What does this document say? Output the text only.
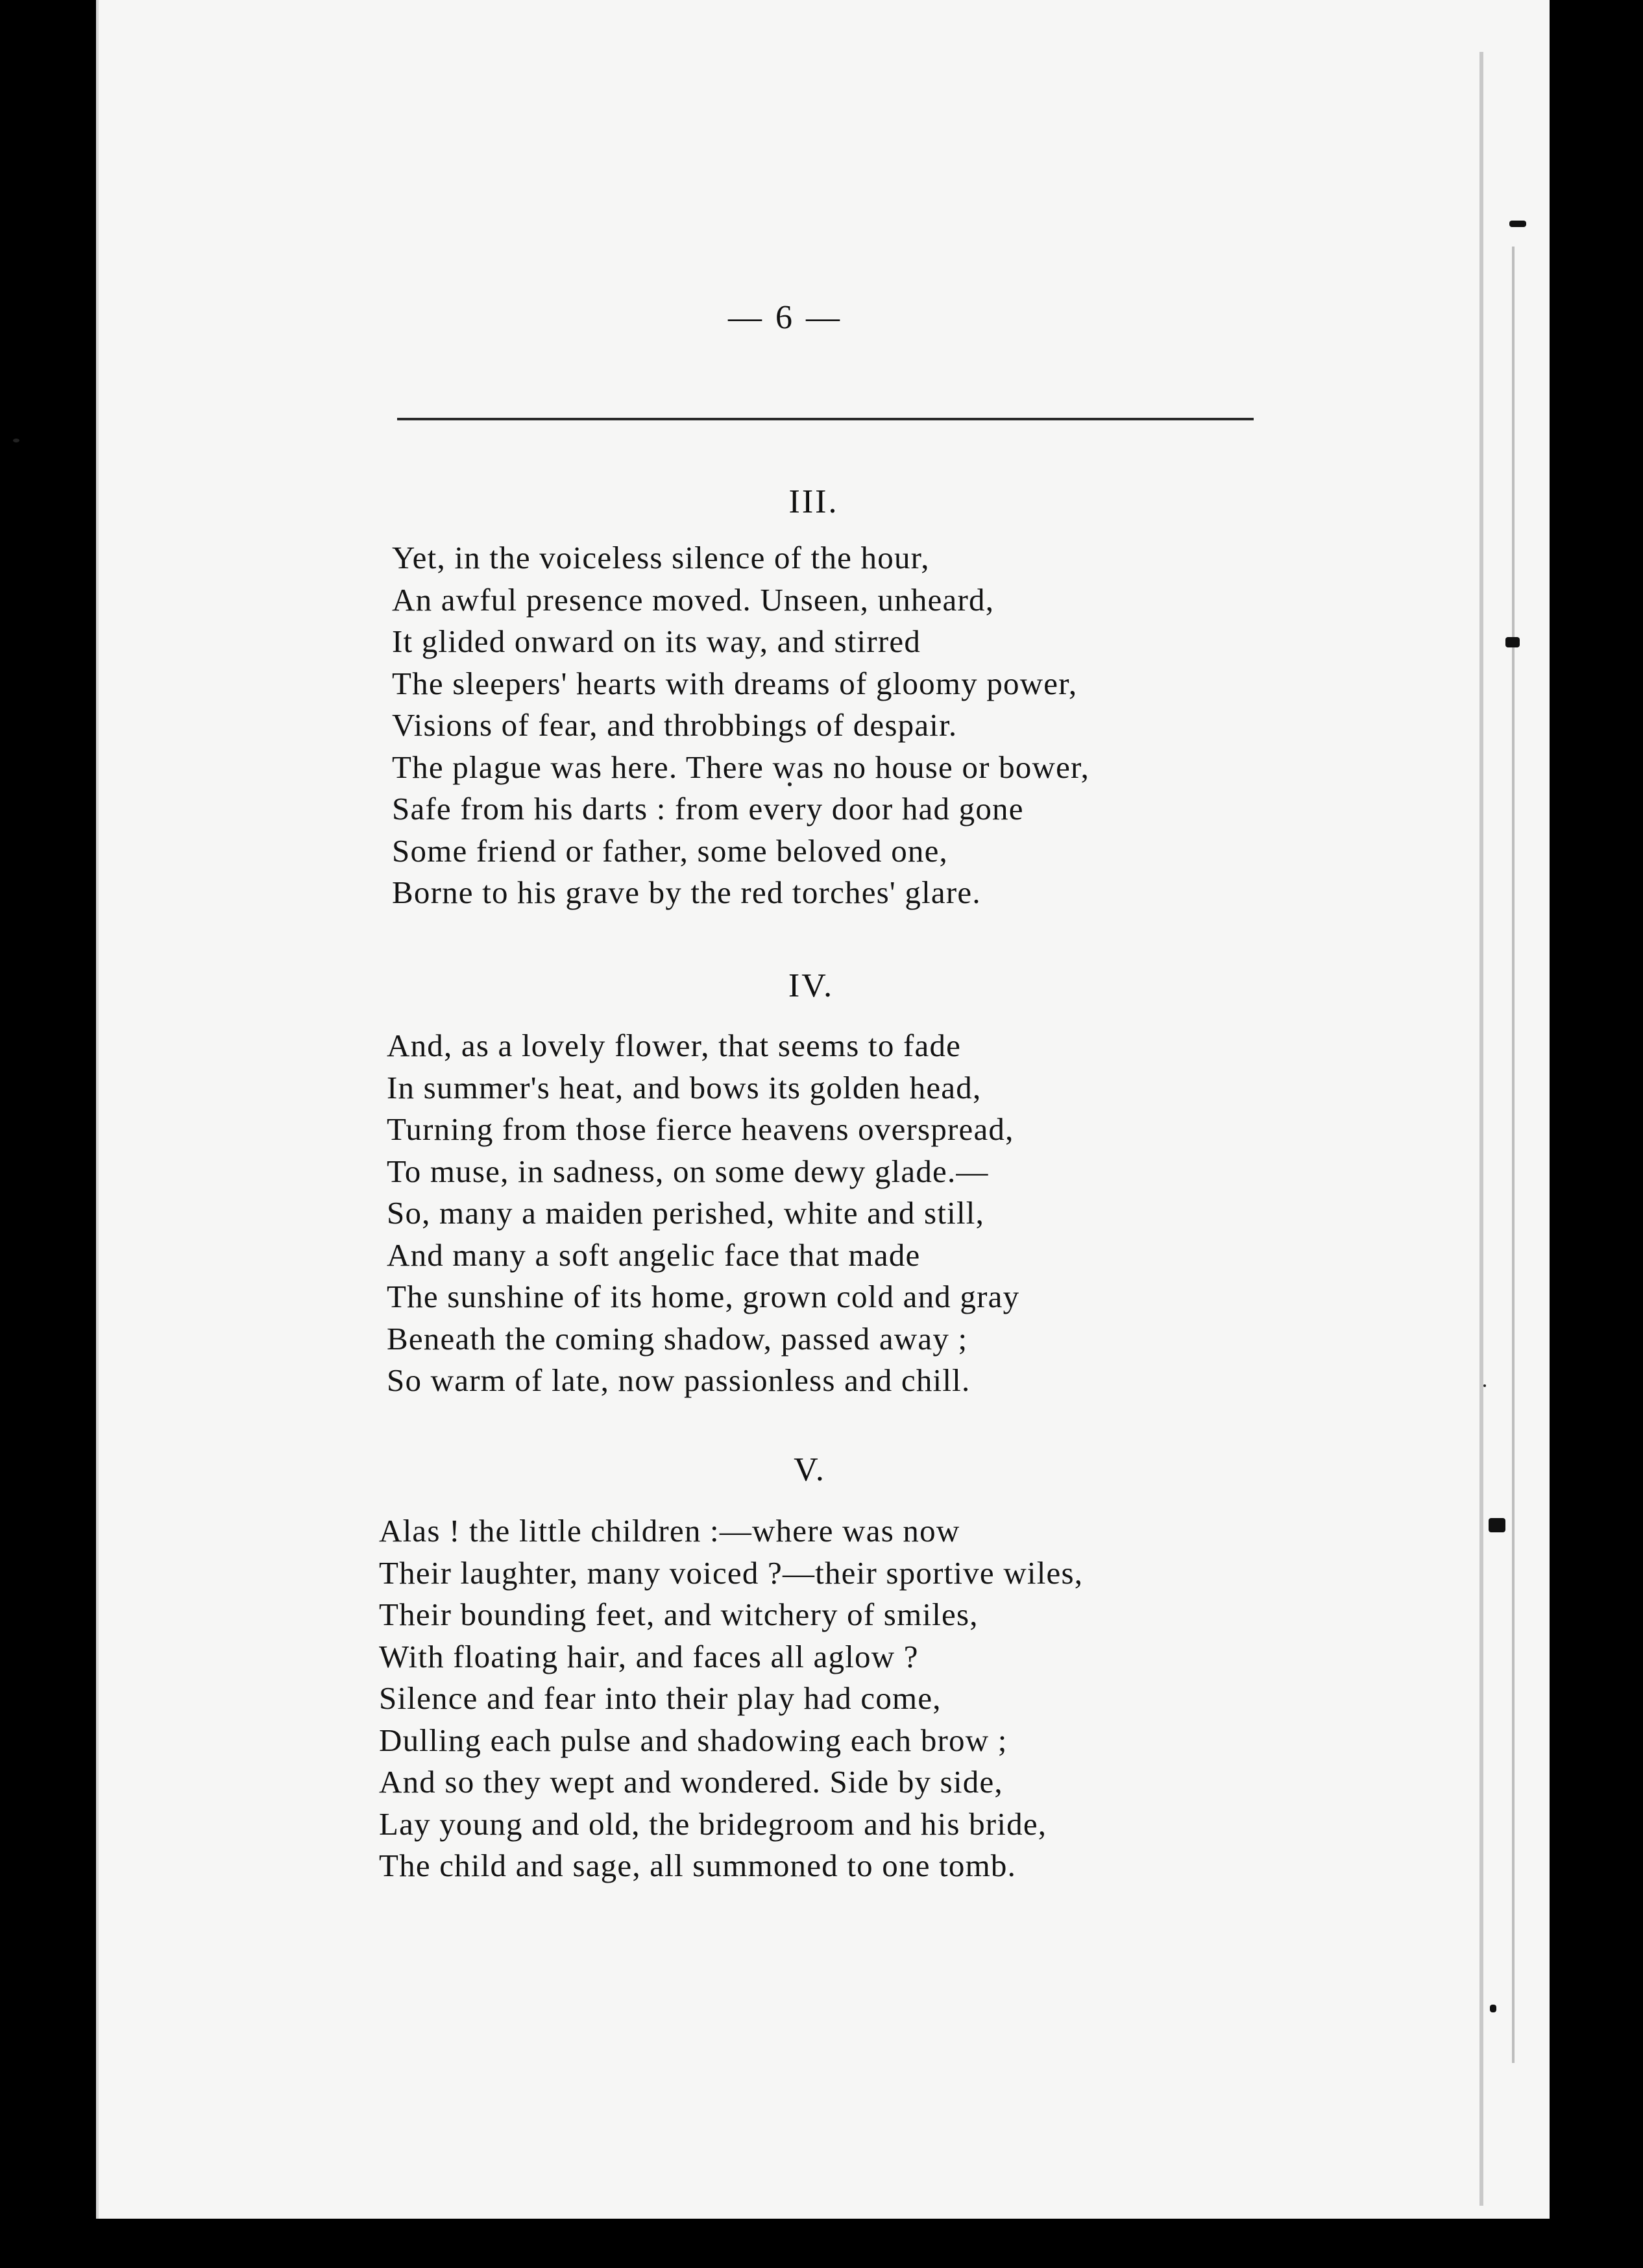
— 6 —
III.
Yet, in the voiceless silence of the hour,
An awful presence moved. Unseen, unheard,
It glided onward on its way, and stirred
The sleepers' hearts with dreams of gloomy power,
Visions of fear, and throbbings of despair.
The plague was here. There was no house or bower,
Safe from his darts : from every door had gone
Some friend or father, some beloved one,
Borne to his grave by the red torches' glare.
IV.
And, as a lovely flower, that seems to fade
In summer's heat, and bows its golden head,
Turning from those fierce heavens overspread,
To muse, in sadness, on some dewy glade.—
So, many a maiden perished, white and still,
And many a soft angelic face that made
The sunshine of its home, grown cold and gray
Beneath the coming shadow, passed away ;
So warm of late, now passionless and chill.
V.
Alas ! the little children :—where was now
Their laughter, many voiced ?—their sportive wiles,
Their bounding feet, and witchery of smiles,
With floating hair, and faces all aglow ?
Silence and fear into their play had come,
Dulling each pulse and shadowing each brow ;
And so they wept and wondered. Side by side,
Lay young and old, the bridegroom and his bride,
The child and sage, all summoned to one tomb.
